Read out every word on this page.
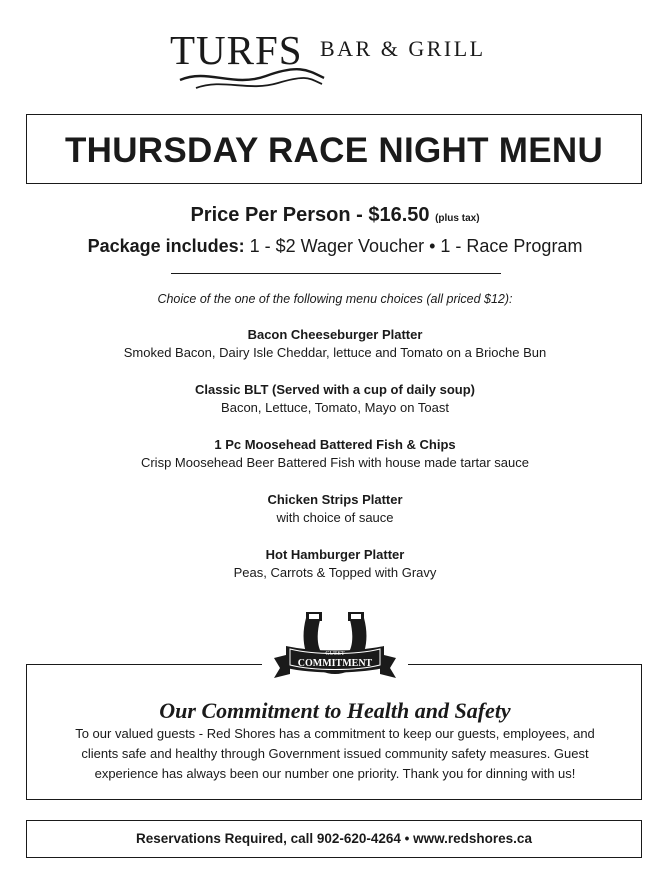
TURFS BAR & GRILL
THURSDAY RACE NIGHT MENU
Price Per Person - $16.50 (plus tax)
Package includes: 1 - $2 Wager Voucher • 1 - Race Program
Choice of the one of the following menu choices (all priced $12):
Bacon Cheeseburger Platter
Smoked Bacon, Dairy Isle Cheddar, lettuce and Tomato on a Brioche Bun
Classic BLT (Served with a cup of daily soup)
Bacon, Lettuce, Tomato, Mayo on Toast
1 Pc Moosehead Battered Fish & Chips
Crisp Moosehead Beer Battered Fish with house made tartar sauce
Chicken Strips Platter
with choice of sauce
Hot Hamburger Platter
Peas, Carrots & Topped with Gravy
GUEST
COMMITMENT
Our Commitment to Health and Safety
To our valued guests - Red Shores has a commitment to keep our guests, employees, and
clients safe and healthy through Government issued community safety measures. Guest
experience has always been our number one priority. Thank you for dinning with us!
Reservations Required, call 902-620-4264 • www.redshores.ca
